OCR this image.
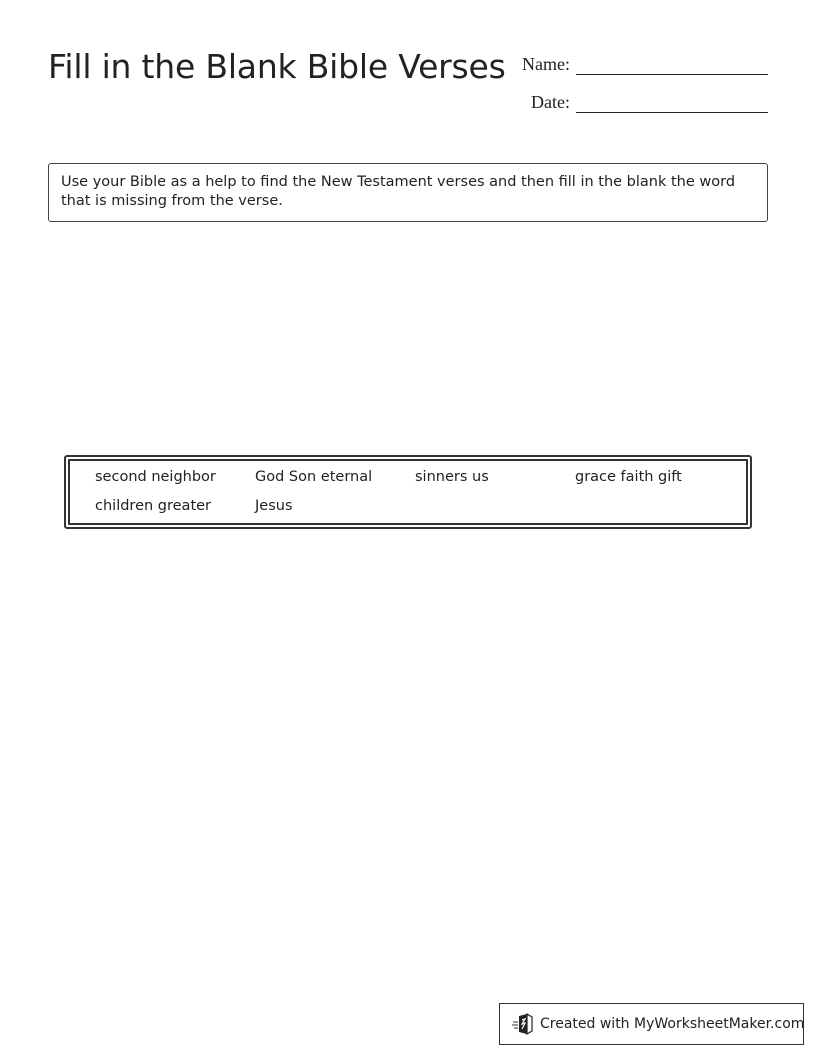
Fill in the Blank Bible Verses Name:
Date:
Use your Bible as a help to find the New Testament verses and then fill in the blank the word that is missing from the verse.
second neighbor	God Son eternal	sinners us	grace faith gift
children greater	Jesus
Created with MyWorksheetMaker.com
